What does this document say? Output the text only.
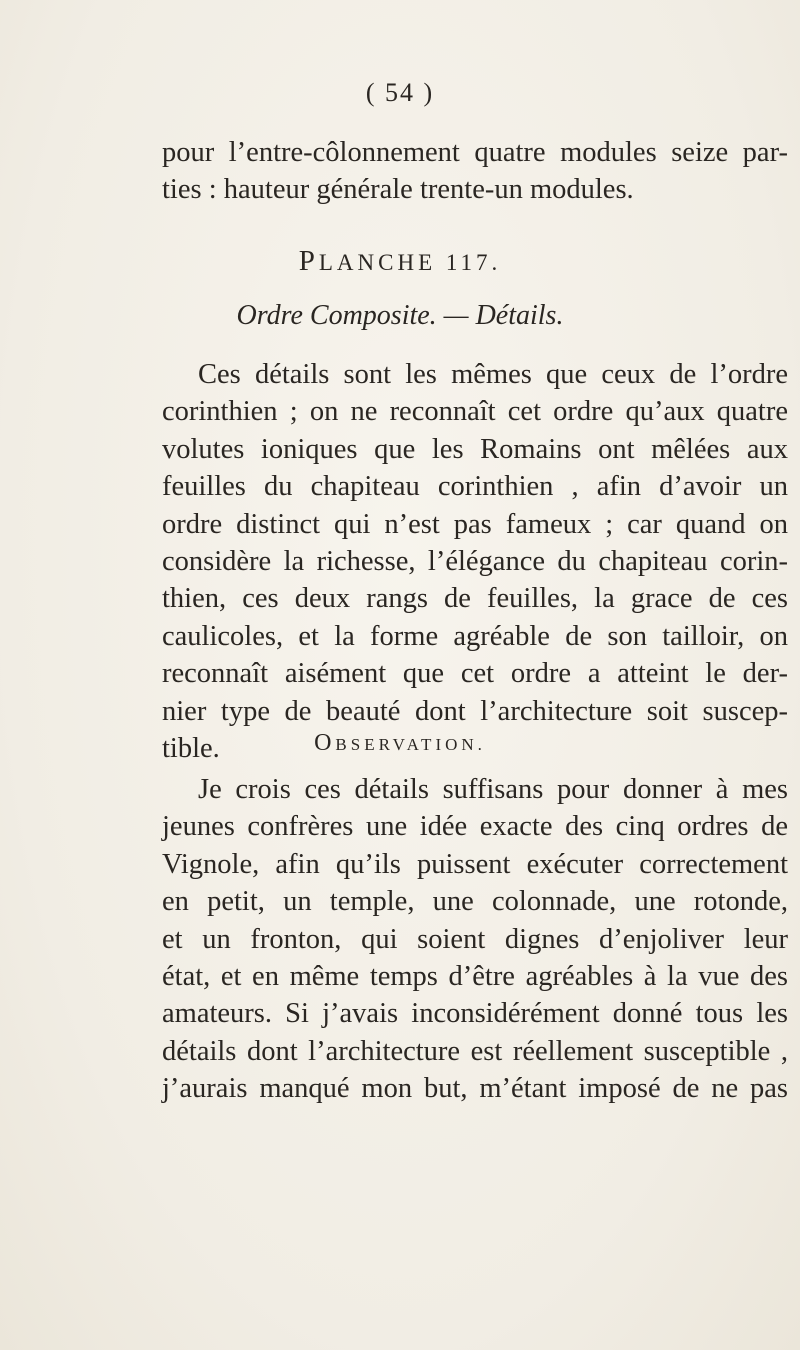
( 54 )
pour l’entre-côlonnement quatre modules seize par-
ties : hauteur générale trente-un modules.
PLANCHE 117.
Ordre Composite. — Détails.
Ces détails sont les mêmes que ceux de l’ordre
corinthien ; on ne reconnaît cet ordre qu’aux quatre
volutes ioniques que les Romains ont mêlées aux
feuilles du chapiteau corinthien , afin d’avoir un
ordre distinct qui n’est pas fameux ; car quand on
considère la richesse, l’élégance du chapiteau corin-
thien, ces deux rangs de feuilles, la grace de ces
caulicoles, et la forme agréable de son tailloir, on
reconnaît aisément que cet ordre a atteint le der-
nier type de beauté dont l’architecture soit suscep-
tible.	OBSERVATION.
Je crois ces détails suffisans pour donner à mes
jeunes confrères une idée exacte des cinq ordres de
Vignole, afin qu’ils puissent exécuter correctement
en petit, un temple, une colonnade, une rotonde,
et un fronton, qui soient dignes d’enjoliver leur
état, et en même temps d’être agréables à la vue des
amateurs. Si j’avais inconsidérément donné tous les
détails dont l’architecture est réellement susceptible ,
j’aurais manqué mon but, m’étant imposé de ne pas
